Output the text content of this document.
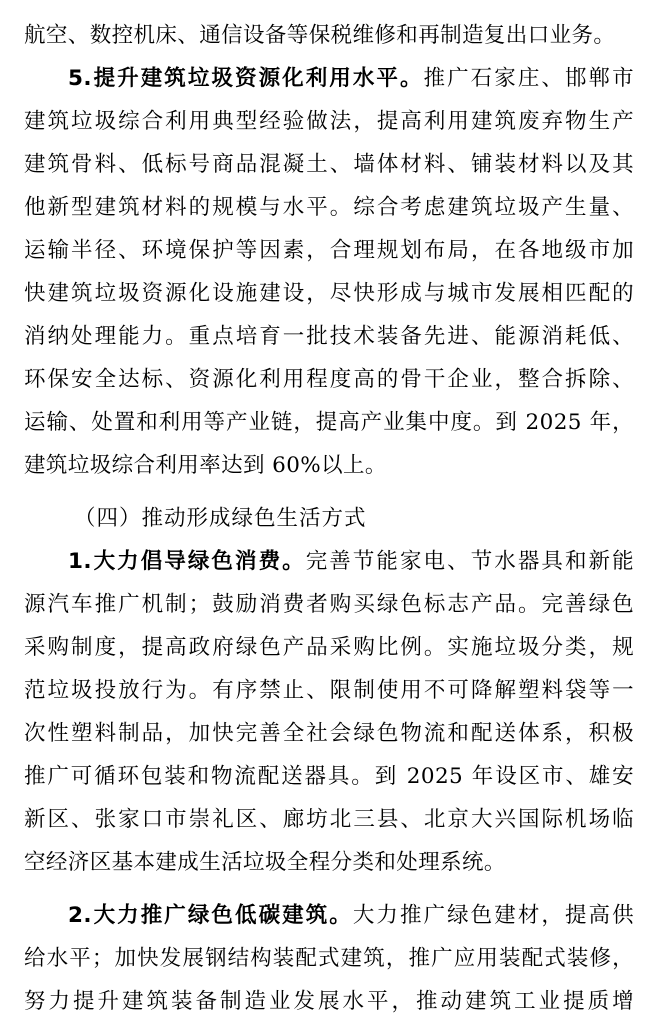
航空、数控机床、通信设备等保税维修和再制造复出口业务。
5.提升建筑垃圾资源化利用水平。推广石家庄、邯郸市
建筑垃圾综合利用典型经验做法，提高利用建筑废弃物生产
建筑骨料、低标号商品混凝土、墙体材料、铺装材料以及其
他新型建筑材料的规模与水平。综合考虑建筑垃圾产生量、
运输半径、环境保护等因素，合理规划布局，在各地级市加
快建筑垃圾资源化设施建设，尽快形成与城市发展相匹配的
消纳处理能力。重点培育一批技术装备先进、能源消耗低、
环保安全达标、资源化利用程度高的骨干企业，整合拆除、
运输、处置和利用等产业链，提高产业集中度。到 2025 年，
建筑垃圾综合利用率达到 60%以上。
（四）推动形成绿色生活方式
1.大力倡导绿色消费。完善节能家电、节水器具和新能
源汽车推广机制；鼓励消费者购买绿色标志产品。完善绿色
采购制度，提高政府绿色产品采购比例。实施垃圾分类，规
范垃圾投放行为。有序禁止、限制使用不可降解塑料袋等一
次性塑料制品，加快完善全社会绿色物流和配送体系，积极
推广可循环包装和物流配送器具。到 2025 年设区市、雄安
新区、张家口市崇礼区、廊坊北三县、北京大兴国际机场临
空经济区基本建成生活垃圾全程分类和处理系统。
2.大力推广绿色低碳建筑。大力推广绿色建材，提高供
给水平；加快发展钢结构装配式建筑，推广应用装配式装修，
努力提升建筑装备制造业发展水平，推动建筑工业提质增
